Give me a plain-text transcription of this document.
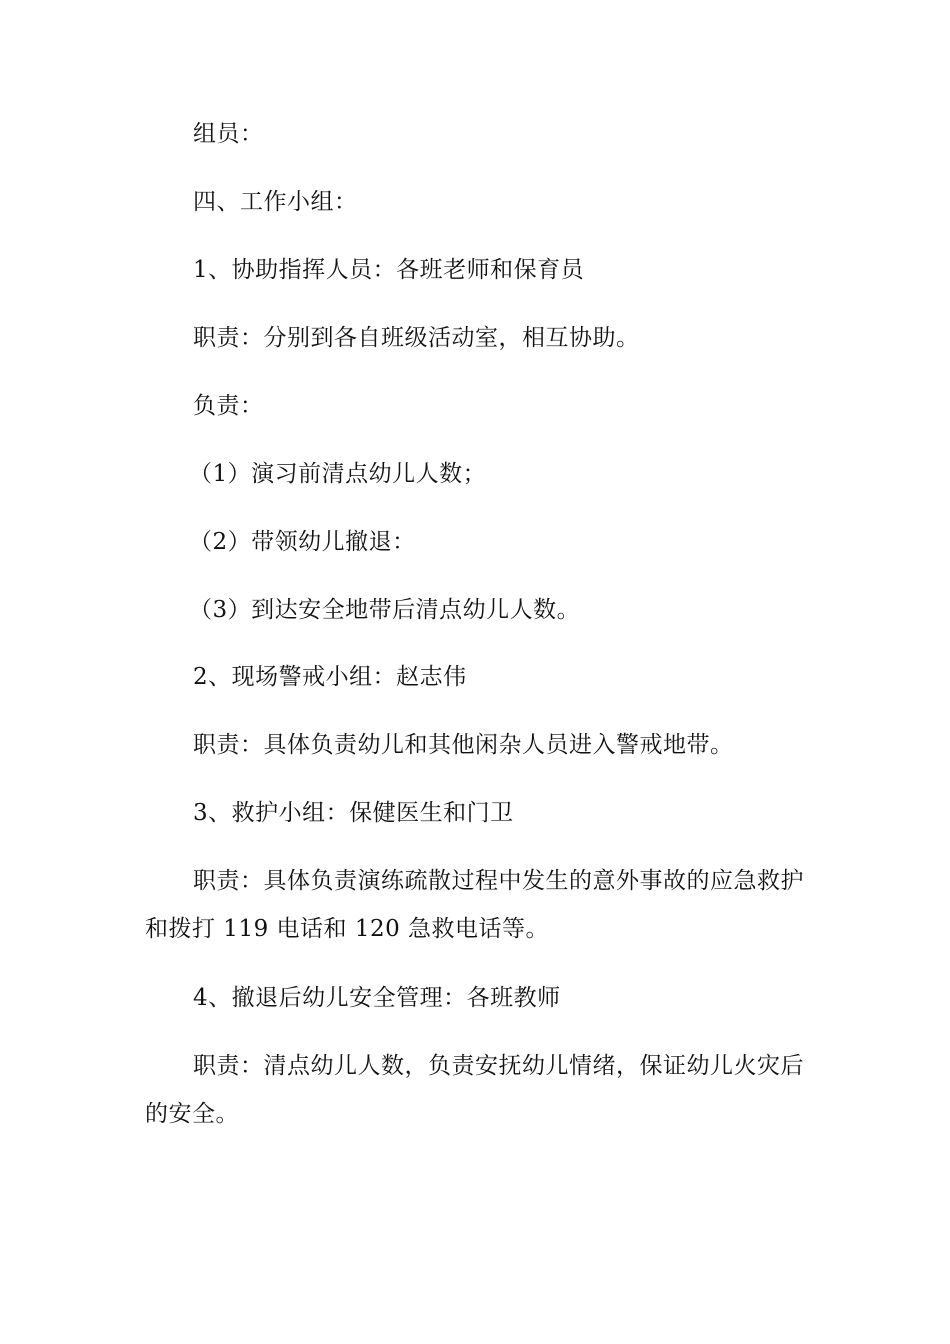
组员：
四、工作小组：
1、协助指挥人员：各班老师和保育员
职责：分别到各自班级活动室，相互协助。
负责：
（1）演习前清点幼儿人数；
（2）带领幼儿撤退：
（3）到达安全地带后清点幼儿人数。
2、现场警戒小组：赵志伟
职责：具体负责幼儿和其他闲杂人员进入警戒地带。
3、救护小组：保健医生和门卫
职责：具体负责演练疏散过程中发生的意外事故的应急救护
和拨打 119 电话和 120 急救电话等。
4、撤退后幼儿安全管理：各班教师
职责：清点幼儿人数，负责安抚幼儿情绪，保证幼儿火灾后
的安全。
